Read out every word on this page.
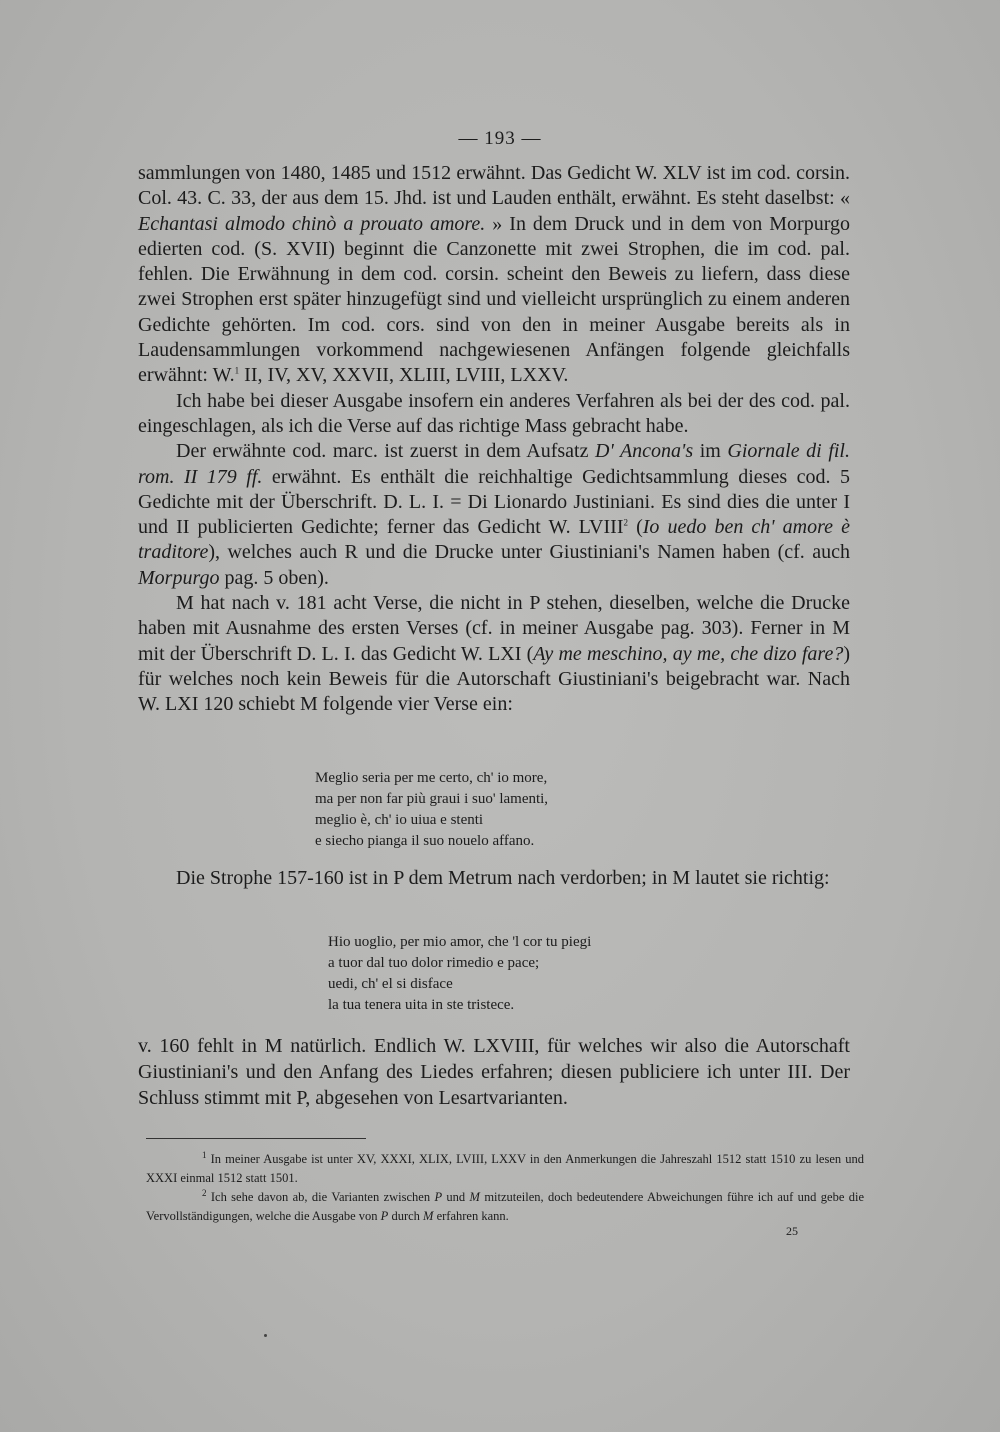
— 193 —

sammlungen von 1480, 1485 und 1512 erwähnt. Das Gedicht W. XLV ist im cod. corsin. Col. 43. C. 33, der aus dem 15. Jhd. ist und Lauden enthält, erwähnt. Es steht daselbst: « Echantasi almodo chinò a prouato amore. » In dem Druck und in dem von Morpurgo edierten cod. (S. XVII) beginnt die Canzonette mit zwei Strophen, die im cod. pal. fehlen. Die Erwähnung in dem cod. corsin. scheint den Beweis zu liefern, dass diese zwei Strophen erst später hinzugefügt sind und vielleicht ursprünglich zu einem anderen Gedichte gehörten. Im cod. cors. sind von den in meiner Ausgabe bereits als in Laudensammlungen vorkommend nachgewiesenen Anfängen folgende gleichfalls erwähnt: W.$^1$ II, IV, XV, XXVII, XLIII, LVIII, LXXV.

Ich habe bei dieser Ausgabe insofern ein anderes Verfahren als bei der des cod. pal. eingeschlagen, als ich die Verse auf das richtige Mass gebracht habe.

Der erwähnte cod. marc. ist zuerst in dem Aufsatz D' Ancona's im Giornale di fil. rom. II 179 ff. erwähnt. Es enthält die reichhaltige Gedichtsammlung dieses cod. 5 Gedichte mit der Überschrift. D. L. I. = Di Lionardo Justiniani. Es sind dies die unter I und II publicierten Gedichte; ferner das Gedicht W. LVIII$^2$ (Io uedo ben ch' amore è traditore), welches auch R und die Drucke unter Giustiniani's Namen haben (cf. auch Morpurgo pag. 5 oben).

M hat nach v. 181 acht Verse, die nicht in P stehen, dieselben, welche die Drucke haben mit Ausnahme des ersten Verses (cf. in meiner Ausgabe pag. 303). Ferner in M mit der Überschrift D. L. I. das Gedicht W. LXI (Ay me meschino, ay me, che dizo fare?) für welches noch kein Beweis für die Autorschaft Giustiniani's beigebracht war. Nach W. LXI 120 schiebt M folgende vier Verse ein:

Meglio seria per me certo, ch' io more,
ma per non far più graui i suo' lamenti,
meglio è, ch' io uiua e stenti
e siecho pianga il suo nouelo affano.

Die Strophe 157-160 ist in P dem Metrum nach verdorben; in M lautet sie richtig:

Hio uoglio, per mio amor, che 'l cor tu piegi
a tuor dal tuo dolor rimedio e pace;
uedi, ch' el si disface
la tua tenera uita in ste tristece.

v. 160 fehlt in M natürlich. Endlich W. LXVIII, für welches wir also die Autorschaft Giustiniani's und den Anfang des Liedes erfahren; diesen publiciere ich unter III. Der Schluss stimmt mit P, abgesehen von Lesartvarianten.

$^1$ In meiner Ausgabe ist unter XV, XXXI, XLIX, LVIII, LXXV in den Anmerkungen die Jahreszahl 1512 statt 1510 zu lesen und XXXI einmal 1512 statt 1501.

$^2$ Ich sehe davon ab, die Varianten zwischen P und M mitzuteilen, doch bedeutendere Abweichungen führe ich auf und gebe die Vervollständigungen, welche die Ausgabe von P durch M erfahren kann.

25
